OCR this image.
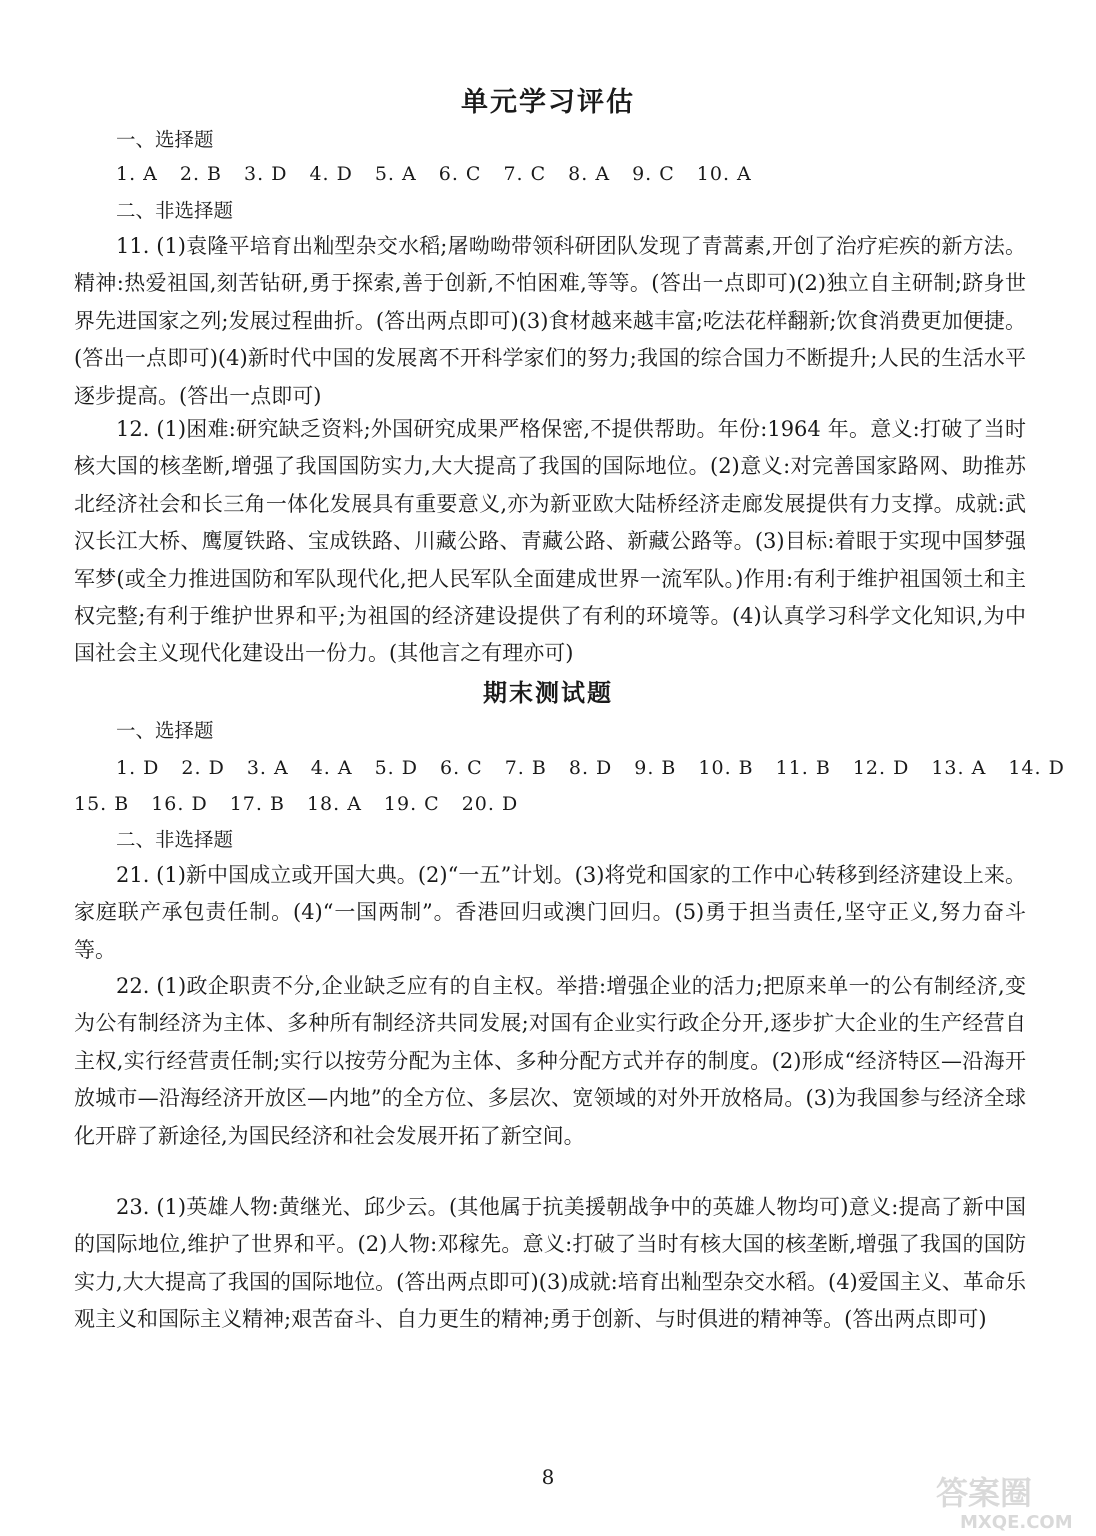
单元学习评估
一、选择题
1. A 2. B 3. D 4. D 5. A 6. C 7. C 8. A 9. C 10. A
二、非选择题

11. (1)袁隆平培育出籼型杂交水稻;屠呦呦带领科研团队发现了青蒿素,开创了治疗疟疾的新方法。精神:热爱祖国,刻苦钻研,勇于探索,善于创新,不怕困难,等等。(答出一点即可)(2)独立自主研制;跻身世界先进国家之列;发展过程曲折。(答出两点即可)(3)食材越来越丰富;吃法花样翻新;饮食消费更加便捷。(答出一点即可)(4)新时代中国的发展离不开科学家们的努力;我国的综合国力不断提升;人民的生活水平逐步提高。(答出一点即可)

12. (1)困难:研究缺乏资料;外国研究成果严格保密,不提供帮助。年份:1964 年。意义:打破了当时核大国的核垄断,增强了我国国防实力,大大提高了我国的国际地位。(2)意义:对完善国家路网、助推苏北经济社会和长三角一体化发展具有重要意义,亦为新亚欧大陆桥经济走廊发展提供有力支撑。成就:武汉长江大桥、鹰厦铁路、宝成铁路、川藏公路、青藏公路、新藏公路等。(3)目标:着眼于实现中国梦强军梦(或全力推进国防和军队现代化,把人民军队全面建成世界一流军队。)作用:有利于维护祖国领土和主权完整;有利于维护世界和平;为祖国的经济建设提供了有利的环境等。(4)认真学习科学文化知识,为中国社会主义现代化建设出一份力。(其他言之有理亦可)

期末测试题
一、选择题
1. D 2. D 3. A 4. A 5. D 6. C 7. B 8. D 9. B 10. B 11. B 12. D 13. A 14. D
15. B 16. D 17. B 18. A 19. C 20. D
二、非选择题

21. (1)新中国成立或开国大典。(2)“一五”计划。(3)将党和国家的工作中心转移到经济建设上来。家庭联产承包责任制。(4)“一国两制”。香港回归或澳门回归。(5)勇于担当责任,坚守正义,努力奋斗等。

22. (1)政企职责不分,企业缺乏应有的自主权。举措:增强企业的活力;把原来单一的公有制经济,变为公有制经济为主体、多种所有制经济共同发展;对国有企业实行政企分开,逐步扩大企业的生产经营自主权,实行经营责任制;实行以按劳分配为主体、多种分配方式并存的制度。(2)形成“经济特区—沿海开放城市—沿海经济开放区—内地”的全方位、多层次、宽领域的对外开放格局。(3)为我国参与经济全球化开辟了新途径,为国民经济和社会发展开拓了新空间。

23. (1)英雄人物:黄继光、邱少云。(其他属于抗美援朝战争中的英雄人物均可)意义:提高了新中国的国际地位,维护了世界和平。(2)人物:邓稼先。意义:打破了当时有核大国的核垄断,增强了我国的国防实力,大大提高了我国的国际地位。(答出两点即可)(3)成就:培育出籼型杂交水稻。(4)爱国主义、革命乐观主义和国际主义精神;艰苦奋斗、自力更生的精神;勇于创新、与时俱进的精神等。(答出两点即可)

8	答案圈
MXQE.COM
